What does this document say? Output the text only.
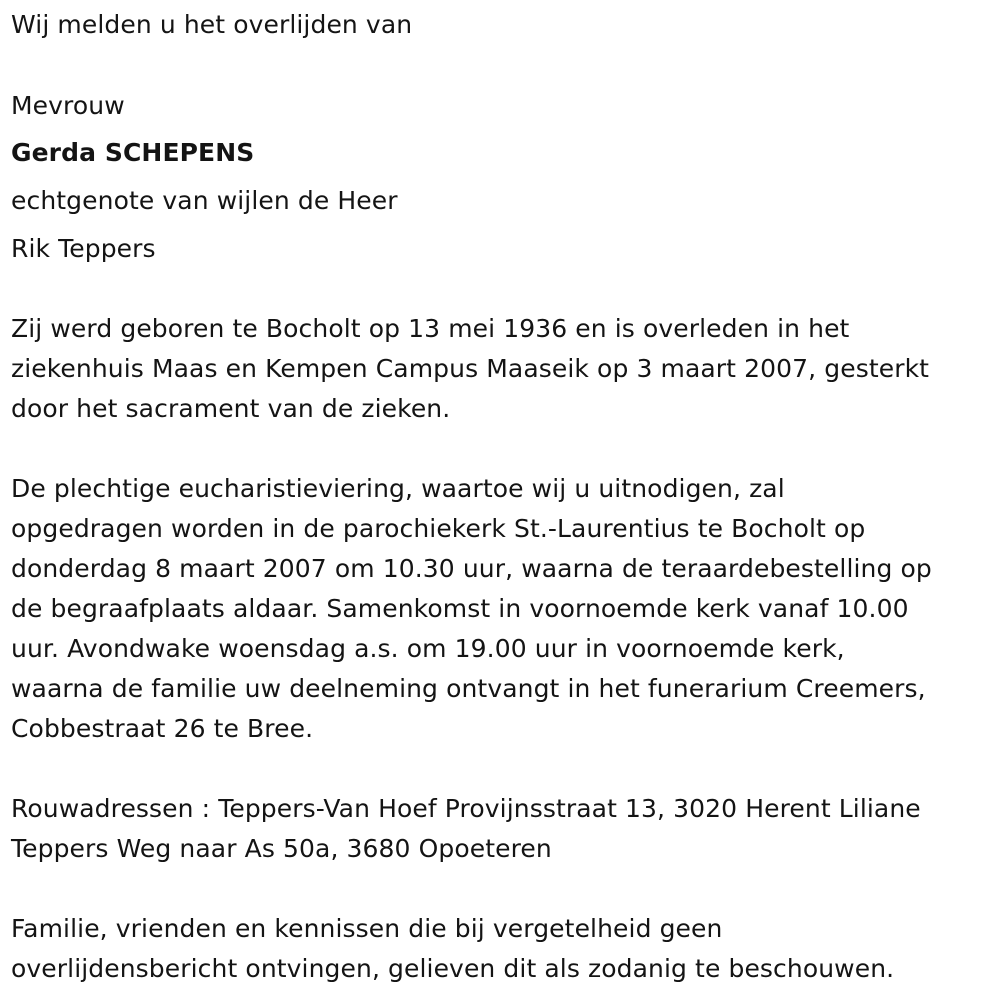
Wij melden u het overlijden van
Mevrouw
Gerda SCHEPENS
echtgenote van wijlen de Heer
Rik Teppers
Zij werd geboren te Bocholt op 13 mei 1936 en is overleden in het
ziekenhuis Maas en Kempen Campus Maaseik op 3 maart 2007, gesterkt
door het sacrament van de zieken.
De plechtige eucharistieviering, waartoe wij u uitnodigen, zal
opgedragen worden in de parochiekerk St.-Laurentius te Bocholt op
donderdag 8 maart 2007 om 10.30 uur, waarna de teraardebestelling op
de begraafplaats aldaar. Samenkomst in voornoemde kerk vanaf 10.00
uur. Avondwake woensdag a.s. om 19.00 uur in voornoemde kerk,
waarna de familie uw deelneming ontvangt in het funerarium Creemers,
Cobbestraat 26 te Bree.
Rouwadressen : Teppers-Van Hoef Provijnsstraat 13, 3020 Herent Liliane
Teppers Weg naar As 50a, 3680 Opoeteren
Familie, vrienden en kennissen die bij vergetelheid geen
overlijdensbericht ontvingen, gelieven dit als zodanig te beschouwen.
